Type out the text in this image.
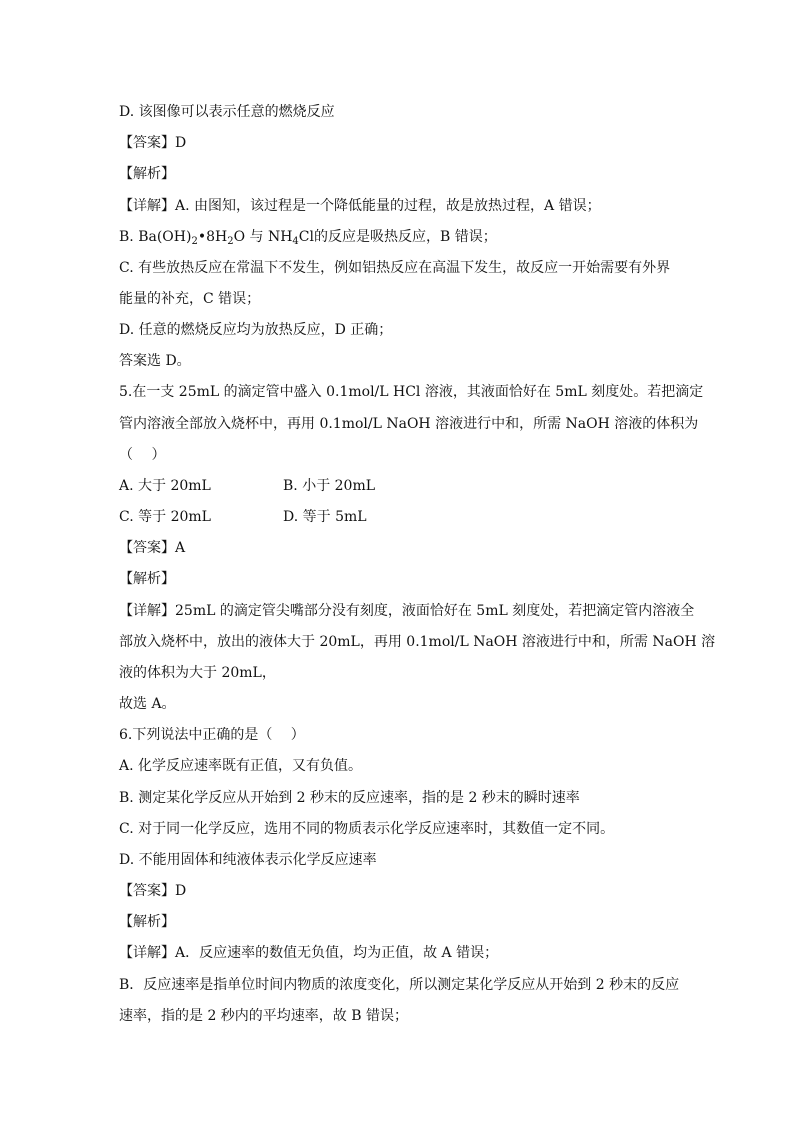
D. 该图像可以表示任意的燃烧反应
【答案】D
【解析】
【详解】A. 由图知，该过程是一个降低能量的过程，故是放热过程，A 错误；
B. $Ba(OH)_2•8H_2O$ 与 $NH_4Cl$的反应是吸热反应，B 错误；
C. 有些放热反应在常温下不发生，例如铝热反应在高温下发生，故反应一开始需要有外界
能量的补充，C 错误；
D. 任意的燃烧反应均为放热反应，D 正确；
答案选 D。
5.在一支 25mL 的滴定管中盛入 0.1mol/L HCl 溶液，其液面恰好在 5mL 刻度处。若把滴定
管内溶液全部放入烧杯中，再用 0.1mol/L NaOH 溶液进行中和，所需 NaOH 溶液的体积为
（　 ）
A. 大于 20mL	B. 小于 20mL
C. 等于 20mL	D. 等于 5mL
【答案】A
【解析】
【详解】25mL 的滴定管尖嘴部分没有刻度，液面恰好在 5mL 刻度处，若把滴定管内溶液全
部放入烧杯中，放出的液体大于 20mL，再用 0.1mol/L NaOH 溶液进行中和，所需 NaOH 溶
液的体积为大于 20mL，
故选 A。
6.下列说法中正确的是（　 ）
A. 化学反应速率既有正值，又有负值。
B. 测定某化学反应从开始到 2 秒末的反应速率，指的是 2 秒末的瞬时速率
C. 对于同一化学反应，选用不同的物质表示化学反应速率时，其数值一定不同。
D. 不能用固体和纯液体表示化学反应速率
【答案】D
【解析】
【详解】A．反应速率的数值无负值，均为正值，故 A 错误；
B．反应速率是指单位时间内物质的浓度变化，所以测定某化学反应从开始到 2 秒末的反应
速率，指的是 2 秒内的平均速率，故 B 错误；
